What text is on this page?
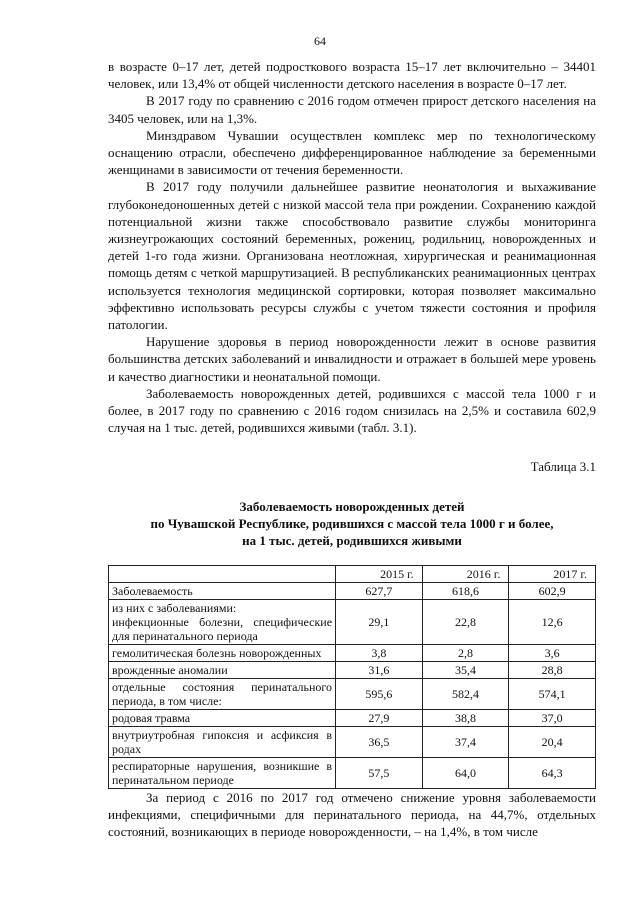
64

в возрасте 0–17 лет, детей подросткового возраста 15–17 лет включительно – 34401 человек, или 13,4% от общей численности детского населения в возрасте 0–17 лет.

В 2017 году по сравнению с 2016 годом отмечен прирост детского населения на 3405 человек, или на 1,3%.

Минздравом Чувашии осуществлен комплекс мер по технологическому оснащению отрасли, обеспечено дифференцированное наблюдение за беременными женщинами в зависимости от течения беременности.

В 2017 году получили дальнейшее развитие неонатология и выхаживание глубоконедоношенных детей с низкой массой тела при рождении. Сохранению каждой потенциальной жизни также способствовало развитие службы мониторинга жизнеугрожающих состояний беременных, рожениц, родильниц, новорожденных и детей 1-го года жизни. Организована неотложная, хирургическая и реанимационная помощь детям с четкой маршрутизацией. В республиканских реанимационных центрах используется технология медицинской сортировки, которая позволяет максимально эффективно использовать ресурсы службы с учетом тяжести состояния и профиля патологии.

Нарушение здоровья в период новорожденности лежит в основе развития большинства детских заболеваний и инвалидности и отражает в большей мере уровень и качество диагностики и неонатальной помощи.

Заболеваемость новорожденных детей, родившихся с массой тела 1000 г и более, в 2017 году по сравнению с 2016 годом снизилась на 2,5% и составила 602,9 случая на 1 тыс. детей, родившихся живыми (табл. 3.1).

Таблица 3.1
Заболеваемость новорожденных детей
по Чувашской Республике, родившихся с массой тела 1000 г и более,
на 1 тыс. детей, родившихся живыми
	2015 г.	2016 г.	2017 г.
Заболеваемость	627,7	618,6	602,9
из них с заболеваниями:
инфекционные болезни, специфические для перинатального периода	29,1	22,8	12,6
гемолитическая болезнь новорожденных	3,8	2,8	3,6
врожденные аномалии	31,6	35,4	28,8
отдельные состояния перинатального периода, в том числе:	595,6	582,4	574,1
родовая травма	27,9	38,8	37,0
внутриутробная гипоксия и асфиксия в родах	36,5	37,4	20,4
респираторные нарушения, возникшие в перинатальном периоде	57,5	64,0	64,3

За период с 2016 по 2017 год отмечено снижение уровня заболеваемости инфекциями, специфичными для перинатального периода, на 44,7%, отдельных состояний, возникающих в периоде новорожденности, – на 1,4%, в том числе
